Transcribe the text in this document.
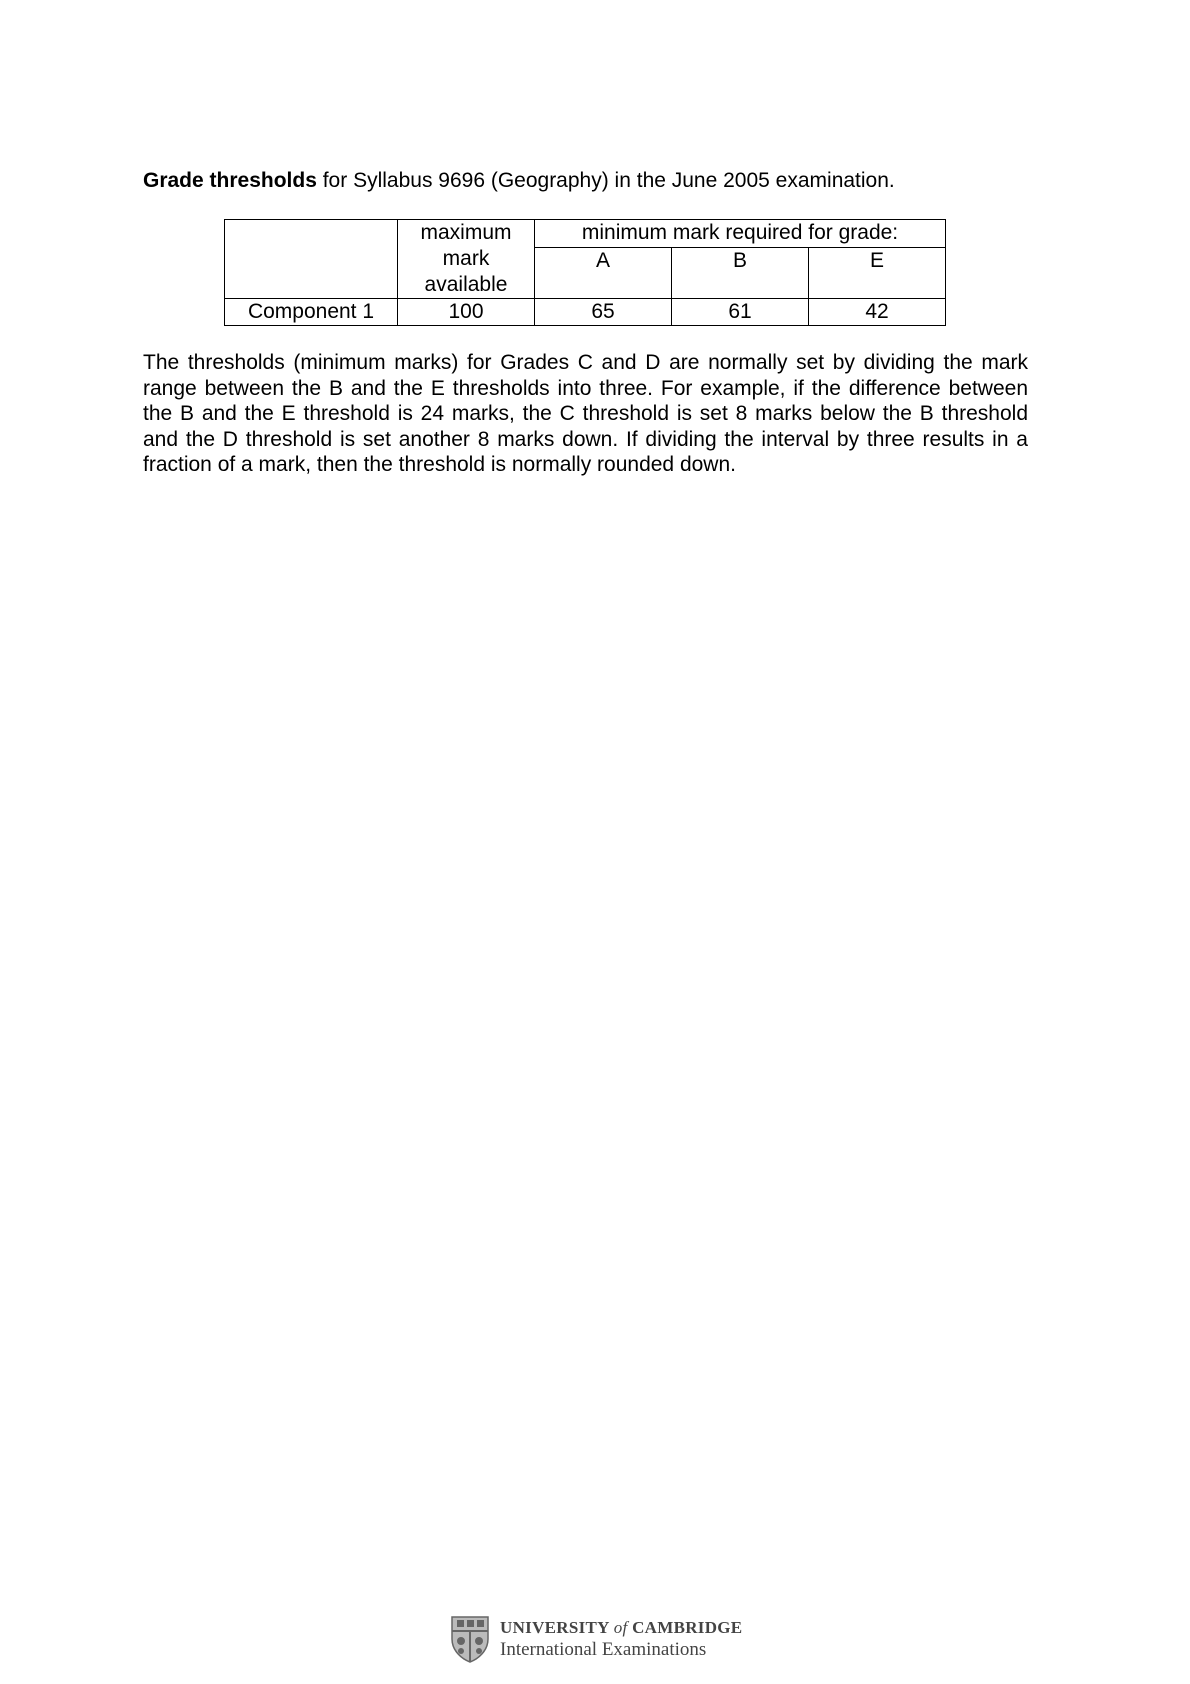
Grade thresholds for Syllabus 9696 (Geography) in the June 2005 examination.

	maximum
mark
available	minimum mark required for grade:		
		A	B	E
Component 1	100	65	61	42

The thresholds (minimum marks) for Grades C and D are normally set by dividing the mark range between the B and the E thresholds into three. For example, if the difference between the B and the E threshold is 24 marks, the C threshold is set 8 marks below the B threshold and the D threshold is set another 8 marks down. If dividing the interval by three results in a fraction of a mark, then the threshold is normally rounded down.

UNIVERSITY of CAMBRIDGE
International Examinations
